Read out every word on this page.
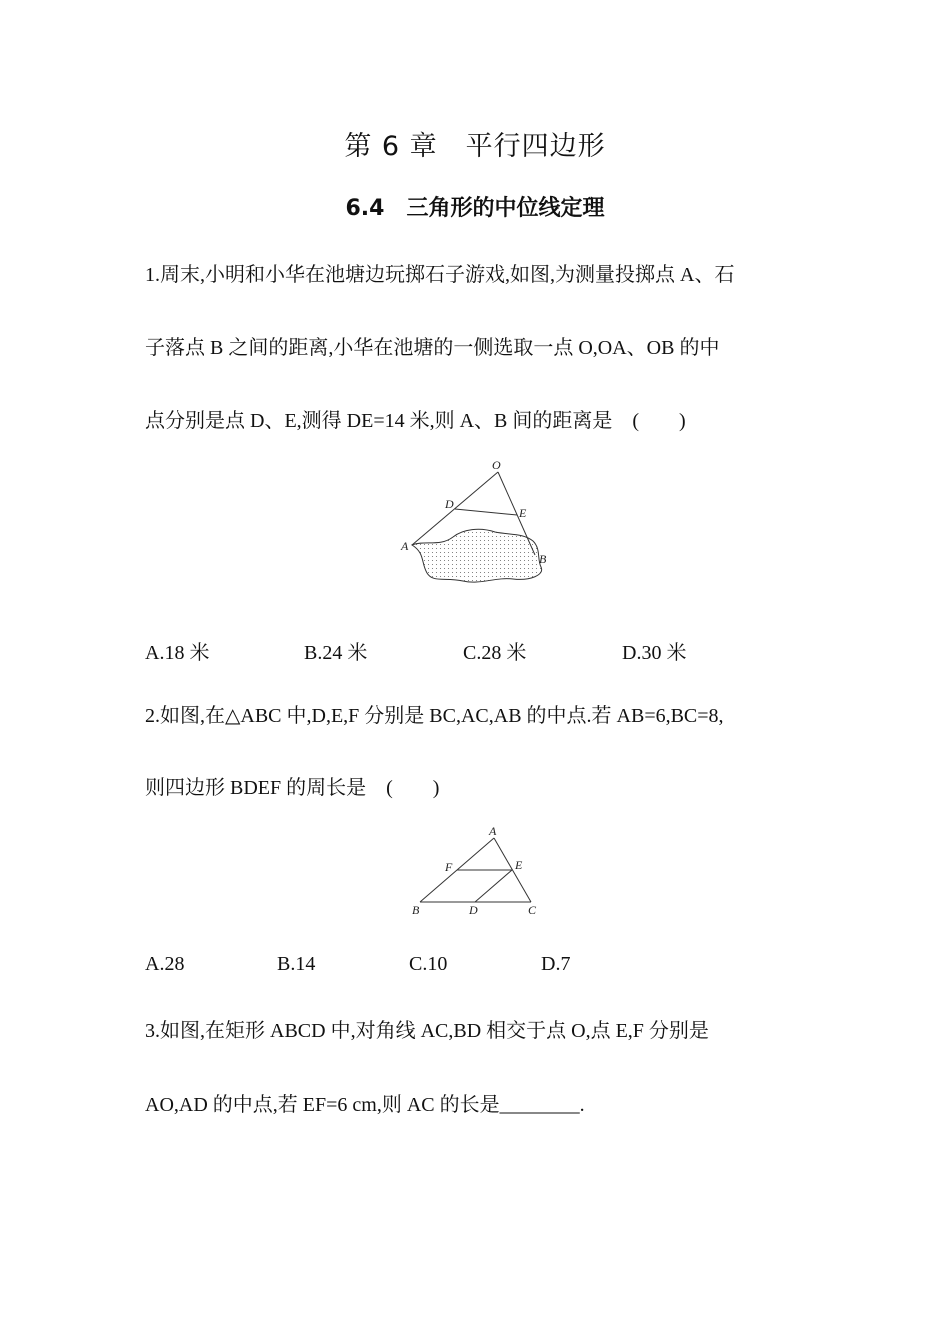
第 6 章　平行四边形
6.4　三角形的中位线定理
1.周末,小明和小华在池塘边玩掷石子游戏,如图,为测量投掷点 A、石
子落点 B 之间的距离,小华在池塘的一侧选取一点 O,OA、OB 的中
点分别是点 D、E,测得 DE=14 米,则 A、B 间的距离是　(　　)
O
D
E
A
B
A.18 米	B.24 米	C.28 米	D.30 米
2.如图,在△ABC 中,D,E,F 分别是 BC,AC,AB 的中点.若 AB=6,BC=8,
则四边形 BDEF 的周长是　(　　)
A
F	E
B	D	C
A.28	B.14	C.10	D.7
3.如图,在矩形 ABCD 中,对角线 AC,BD 相交于点 O,点 E,F 分别是
AO,AD 的中点,若 EF=6 cm,则 AC 的长是________.
